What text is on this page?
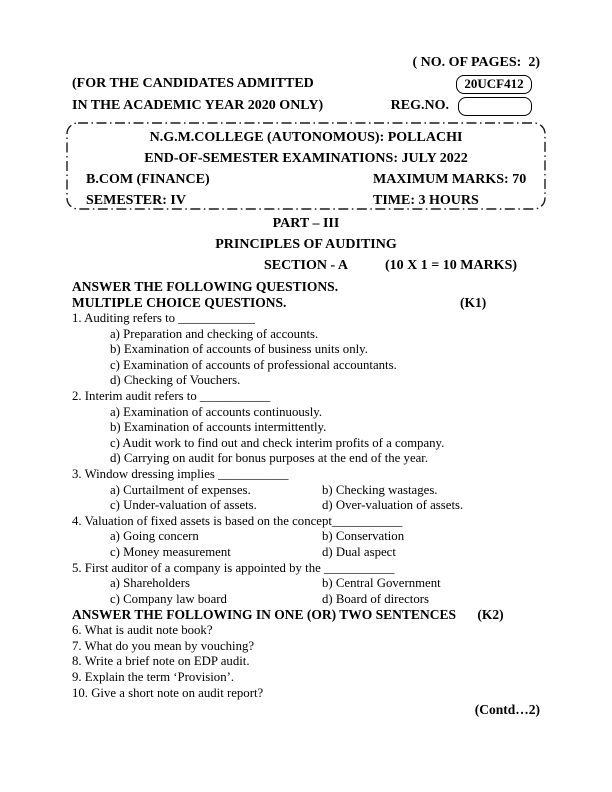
( NO. OF PAGES:  2)
(FOR THE CANDIDATES ADMITTED	20UCF412
IN THE ACADEMIC YEAR 2020 ONLY)	REG.NO.
N.G.M.COLLEGE (AUTONOMOUS): POLLACHI
END-OF-SEMESTER EXAMINATIONS: JULY 2022
B.COM (FINANCE)	MAXIMUM MARKS: 70
SEMESTER: IV	TIME: 3 HOURS
PART – III
PRINCIPLES OF AUDITING
SECTION - A	(10 X 1 = 10 MARKS)
ANSWER THE FOLLOWING QUESTIONS.
MULTIPLE CHOICE QUESTIONS.	(K1)
1. Auditing refers to ____________
a) Preparation and checking of accounts.
b) Examination of accounts of business units only.
c) Examination of accounts of professional accountants.
d) Checking of Vouchers.
2. Interim audit refers to ___________
a) Examination of accounts continuously.
b) Examination of accounts intermittently.
c) Audit work to find out and check interim profits of a company.
d) Carrying on audit for bonus purposes at the end of the year.
3. Window dressing implies ___________
a) Curtailment of expenses.	b) Checking wastages.
c) Under-valuation of assets.	d) Over-valuation of assets.
4. Valuation of fixed assets is based on the concept___________
a) Going concern	b) Conservation
c) Money measurement	d) Dual aspect
5. First auditor of a company is appointed by the ___________
a) Shareholders	b) Central Government
c) Company law board	d) Board of directors
ANSWER THE FOLLOWING IN ONE (OR) TWO SENTENCES (K2)
6. What is audit note book?
7. What do you mean by vouching?
8. Write a brief note on EDP audit.
9. Explain the term ‘Provision’.
10. Give a short note on audit report?
(Contd…2)
